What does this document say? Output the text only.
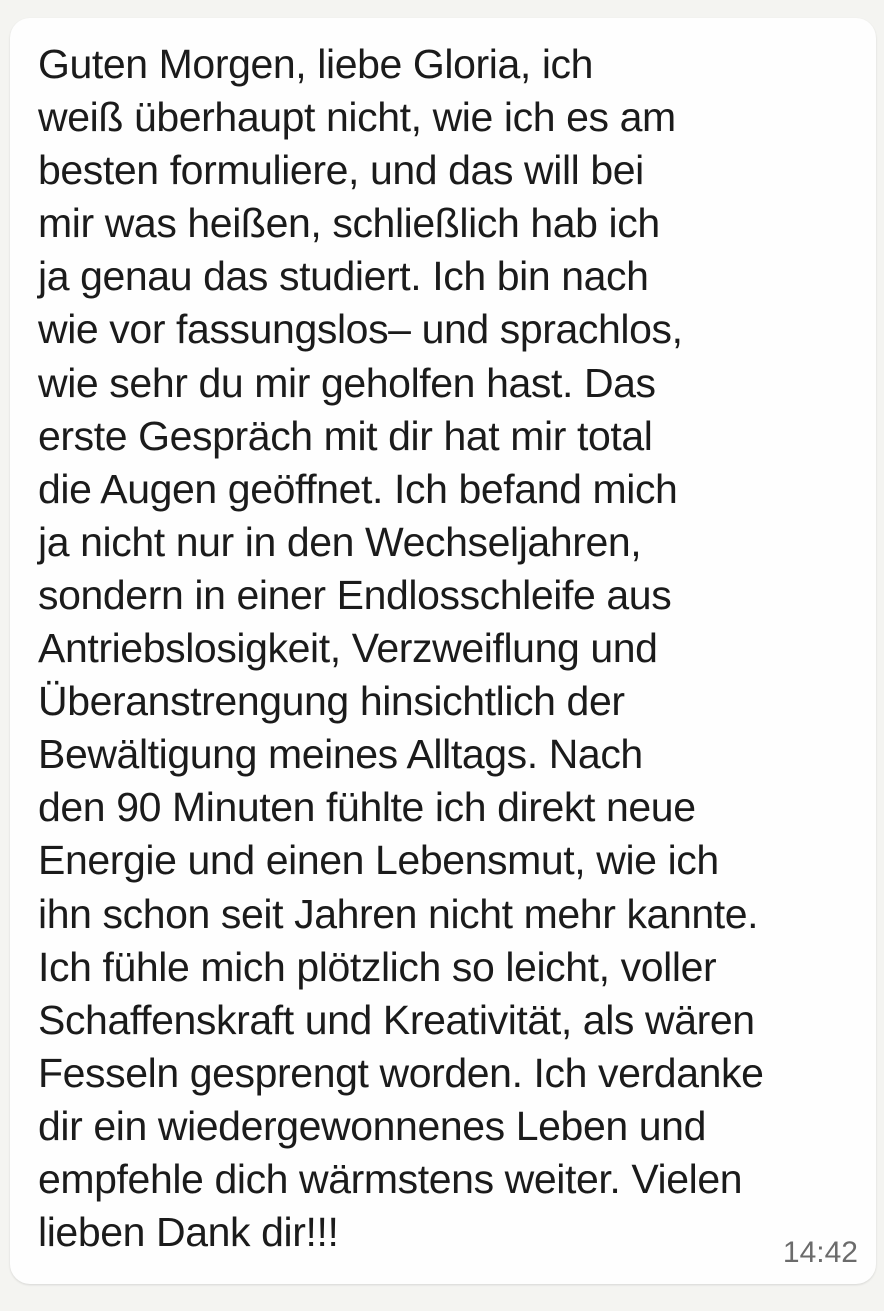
Guten Morgen, liebe Gloria, ich
weiß überhaupt nicht, wie ich es am
besten formuliere, und das will bei
mir was heißen, schließlich hab ich
ja genau das studiert. Ich bin nach
wie vor fassungslos– und sprachlos,
wie sehr du mir geholfen hast. Das
erste Gespräch mit dir hat mir total
die Augen geöffnet. Ich befand mich
ja nicht nur in den Wechseljahren,
sondern in einer Endlosschleife aus
Antriebslosigkeit, Verzweiflung und
Überanstrengung hinsichtlich der
Bewältigung meines Alltags. Nach
den 90 Minuten fühlte ich direkt neue
Energie und einen Lebensmut, wie ich
ihn schon seit Jahren nicht mehr kannte.
Ich fühle mich plötzlich so leicht, voller
Schaffenskraft und Kreativität, als wären
Fesseln gesprengt worden. Ich verdanke
dir ein wiedergewonnenes Leben und
empfehle dich wärmstens weiter. Vielen
lieben Dank dir!!!	14:42
